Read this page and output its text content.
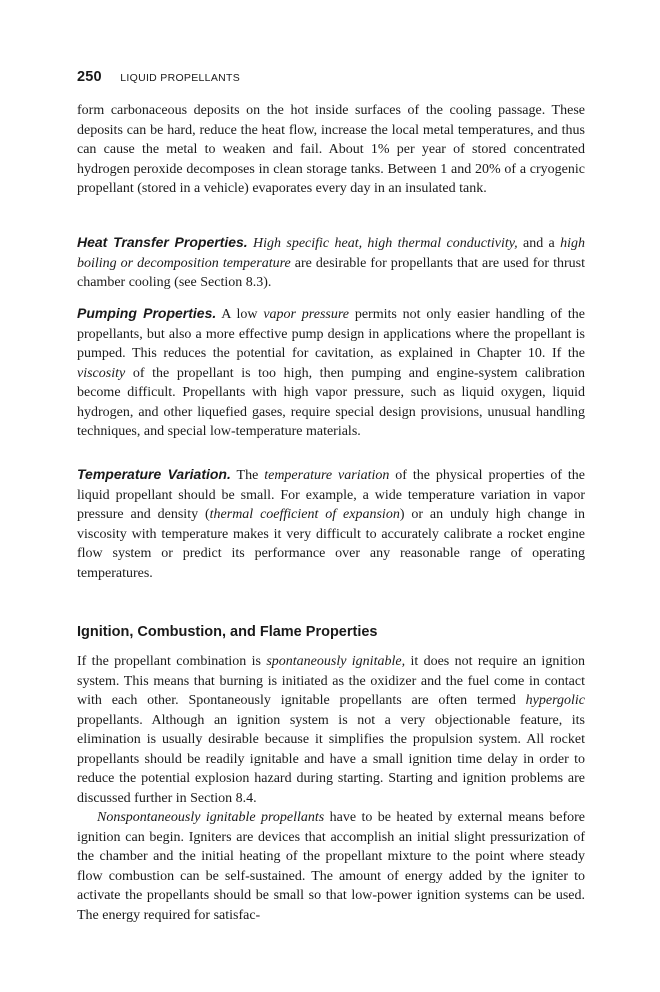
250 LIQUID PROPELLANTS

form carbonaceous deposits on the hot inside surfaces of the cooling passage. These deposits can be hard, reduce the heat flow, increase the local metal temperatures, and thus can cause the metal to weaken and fail. About 1% per year of stored concentrated hydrogen peroxide decomposes in clean storage tanks. Between 1 and 20% of a cryogenic propellant (stored in a vehicle) evaporates every day in an insulated tank.

Heat Transfer Properties. High specific heat, high thermal conductivity, and a high boiling or decomposition temperature are desirable for propellants that are used for thrust chamber cooling (see Section 8.3).

Pumping Properties. A low vapor pressure permits not only easier handling of the propellants, but also a more effective pump design in applications where the propellant is pumped. This reduces the potential for cavitation, as explained in Chapter 10. If the viscosity of the propellant is too high, then pumping and engine-system calibration become difficult. Propellants with high vapor pressure, such as liquid oxygen, liquid hydrogen, and other liquefied gases, require special design provisions, unusual handling techniques, and special low-temperature materials.

Temperature Variation. The temperature variation of the physical properties of the liquid propellant should be small. For example, a wide temperature variation in vapor pressure and density (thermal coefficient of expansion) or an unduly high change in viscosity with temperature makes it very difficult to accurately calibrate a rocket engine flow system or predict its performance over any reasonable range of operating temperatures.

Ignition, Combustion, and Flame Properties

If the propellant combination is spontaneously ignitable, it does not require an ignition system. This means that burning is initiated as the oxidizer and the fuel come in contact with each other. Spontaneously ignitable propellants are often termed hypergolic propellants. Although an ignition system is not a very objectionable feature, its elimination is usually desirable because it simplifies the propulsion system. All rocket propellants should be readily ignitable and have a small ignition time delay in order to reduce the potential explosion hazard during starting. Starting and ignition problems are discussed further in Section 8.4.

Nonspontaneously ignitable propellants have to be heated by external means before ignition can begin. Igniters are devices that accomplish an initial slight pressurization of the chamber and the initial heating of the propellant mixture to the point where steady flow combustion can be self-sustained. The amount of energy added by the igniter to activate the propellants should be small so that low-power ignition systems can be used. The energy required for satisfac-
